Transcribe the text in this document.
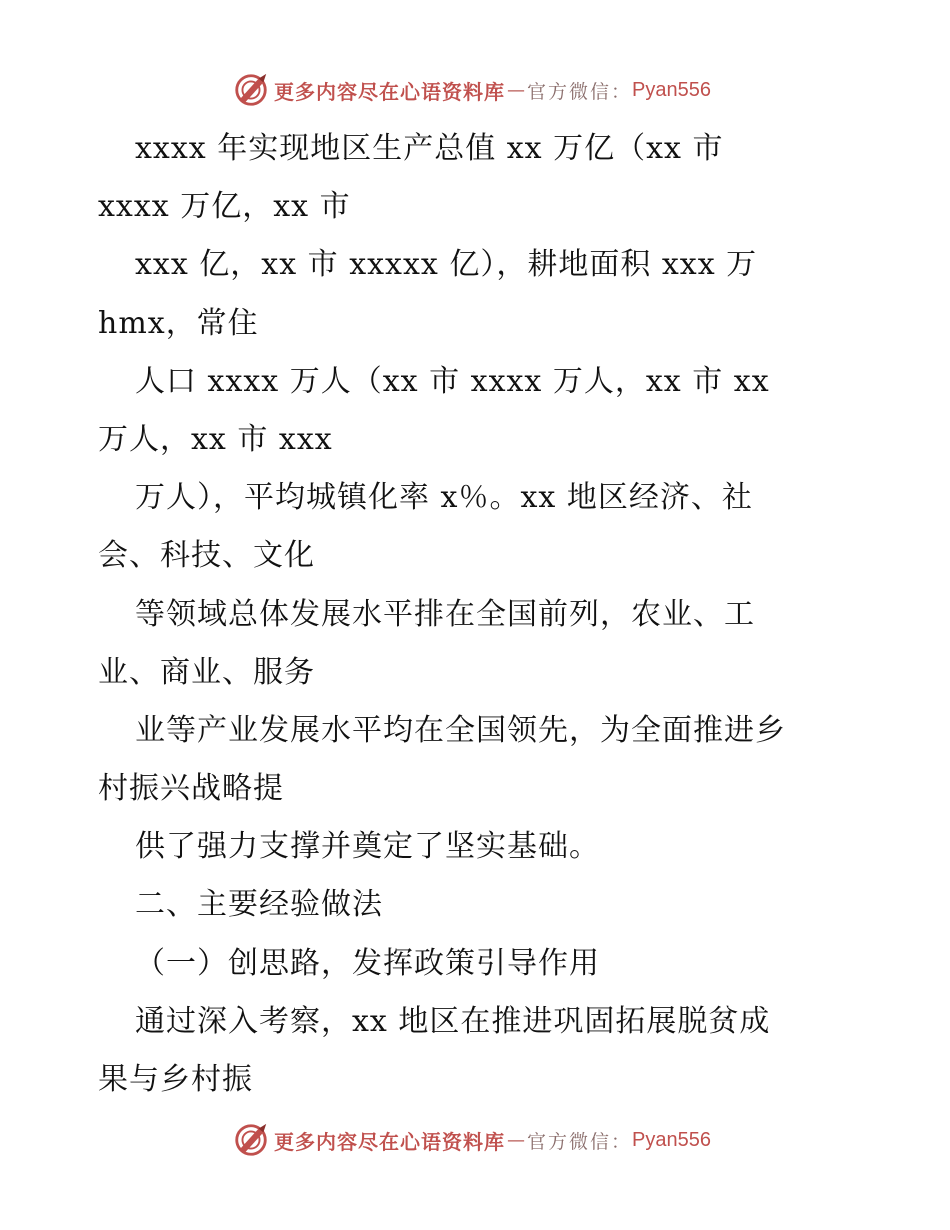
更多内容尽在心语资料库 — 官方微信： Pyan556
xxxx 年实现地区生产总值 xx 万亿（xx 市
xxxx 万亿，xx 市
xxx 亿，xx 市 xxxxx 亿），耕地面积 xxx 万
hmx，常住
人口 xxxx 万人（xx 市 xxxx 万人，xx 市 xx
万人，xx 市 xxx
万人），平均城镇化率 x％。xx 地区经济、社
会、科技、文化
等领域总体发展水平排在全国前列，农业、工
业、商业、服务
业等产业发展水平均在全国领先，为全面推进乡
村振兴战略提
供了强力支撑并奠定了坚实基础。
二、主要经验做法
（一）创思路，发挥政策引导作用
通过深入考察，xx 地区在推进巩固拓展脱贫成
果与乡村振
更多内容尽在心语资料库 — 官方微信： Pyan556
